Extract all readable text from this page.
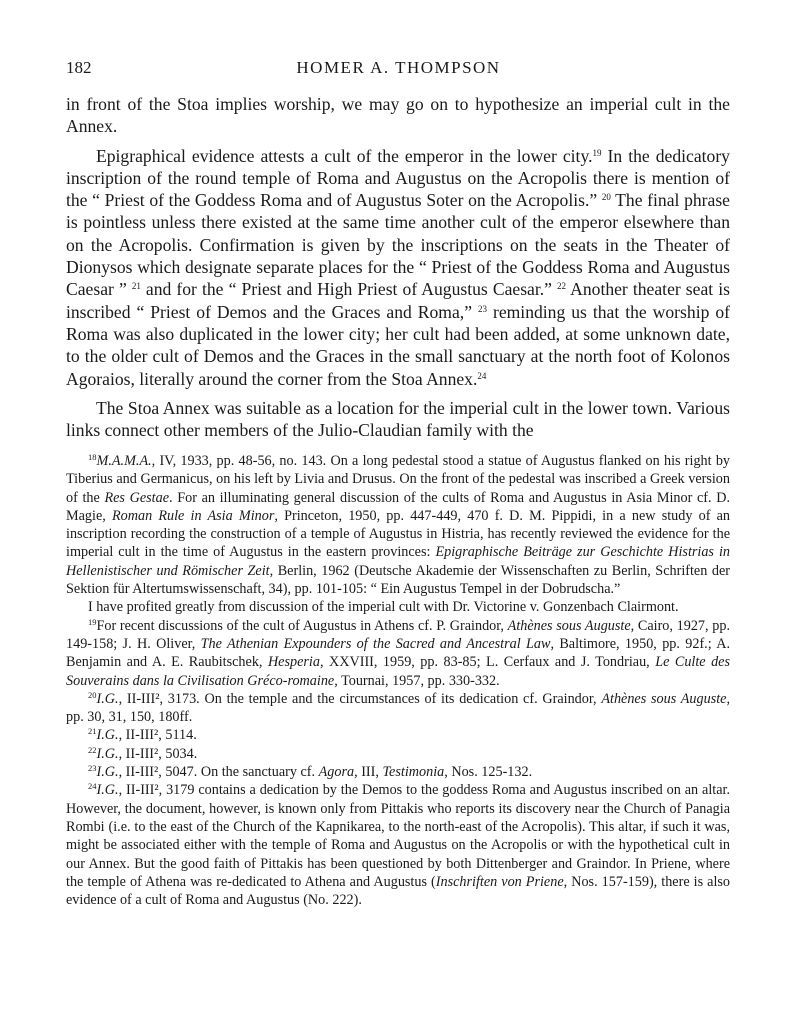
182	HOMER A. THOMPSON

in front of the Stoa implies worship, we may go on to hypothesize an imperial cult in the Annex.

Epigraphical evidence attests a cult of the emperor in the lower city.$^{19}$ In the dedicatory inscription of the round temple of Roma and Augustus on the Acropolis there is mention of the “ Priest of the Goddess Roma and of Augustus Soter on the Acropolis.” $^{20}$ The final phrase is pointless unless there existed at the same time another cult of the emperor elsewhere than on the Acropolis. Confirmation is given by the inscriptions on the seats in the Theater of Dionysos which designate separate places for the “ Priest of the Goddess Roma and Augustus Caesar ” $^{21}$ and for the “ Priest and High Priest of Augustus Caesar.” $^{22}$ Another theater seat is inscribed “ Priest of Demos and the Graces and Roma,” $^{23}$ reminding us that the worship of Roma was also duplicated in the lower city; her cult had been added, at some unknown date, to the older cult of Demos and the Graces in the small sanctuary at the north foot of Kolonos Agoraios, literally around the corner from the Stoa Annex.$^{24}$

The Stoa Annex was suitable as a location for the imperial cult in the lower town. Various links connect other members of the Julio-Claudian family with the

$^{18}$M.A.M.A., IV, 1933, pp. 48-56, no. 143. On a long pedestal stood a statue of Augustus flanked on his right by Tiberius and Germanicus, on his left by Livia and Drusus. On the front of the pedestal was inscribed a Greek version of the Res Gestae. For an illuminating general discussion of the cults of Roma and Augustus in Asia Minor cf. D. Magie, Roman Rule in Asia Minor, Princeton, 1950, pp. 447-449, 470 f. D. M. Pippidi, in a new study of an inscription recording the construction of a temple of Augustus in Histria, has recently reviewed the evidence for the imperial cult in the time of Augustus in the eastern provinces: Epigraphische Beiträge zur Geschichte Histrias in Hellenistischer und Römischer Zeit, Berlin, 1962 (Deutsche Akademie der Wissenschaften zu Berlin, Schriften der Sektion für Altertumswissenschaft, 34), pp. 101-105: “ Ein Augustus Tempel in der Dobrudscha.”

I have profited greatly from discussion of the imperial cult with Dr. Victorine v. Gonzenbach Clairmont.

$^{19}$For recent discussions of the cult of Augustus in Athens cf. P. Graindor, Athènes sous Auguste, Cairo, 1927, pp. 149-158; J. H. Oliver, The Athenian Expounders of the Sacred and Ancestral Law, Baltimore, 1950, pp. 92f.; A. Benjamin and A. E. Raubitschek, Hesperia, XXVIII, 1959, pp. 83-85; L. Cerfaux and J. Tondriau, Le Culte des Souverains dans la Civilisation Gréco-romaine, Tournai, 1957, pp. 330-332.

$^{20}$I.G., II-III², 3173. On the temple and the circumstances of its dedication cf. Graindor, Athènes sous Auguste, pp. 30, 31, 150, 180ff.

$^{21}$I.G., II-III², 5114.

$^{22}$I.G., II-III², 5034.

$^{23}$I.G., II-III², 5047. On the sanctuary cf. Agora, III, Testimonia, Nos. 125-132.

$^{24}$I.G., II-III², 3179 contains a dedication by the Demos to the goddess Roma and Augustus inscribed on an altar. However, the document, however, is known only from Pittakis who reports its discovery near the Church of Panagia Rombi (i.e. to the east of the Church of the Kapnikarea, to the north-east of the Acropolis). This altar, if such it was, might be associated either with the temple of Roma and Augustus on the Acropolis or with the hypothetical cult in our Annex. But the good faith of Pittakis has been questioned by both Dittenberger and Graindor. In Priene, where the temple of Athena was re-dedicated to Athena and Augustus (Inschriften von Priene, Nos. 157-159), there is also evidence of a cult of Roma and Augustus (No. 222).
